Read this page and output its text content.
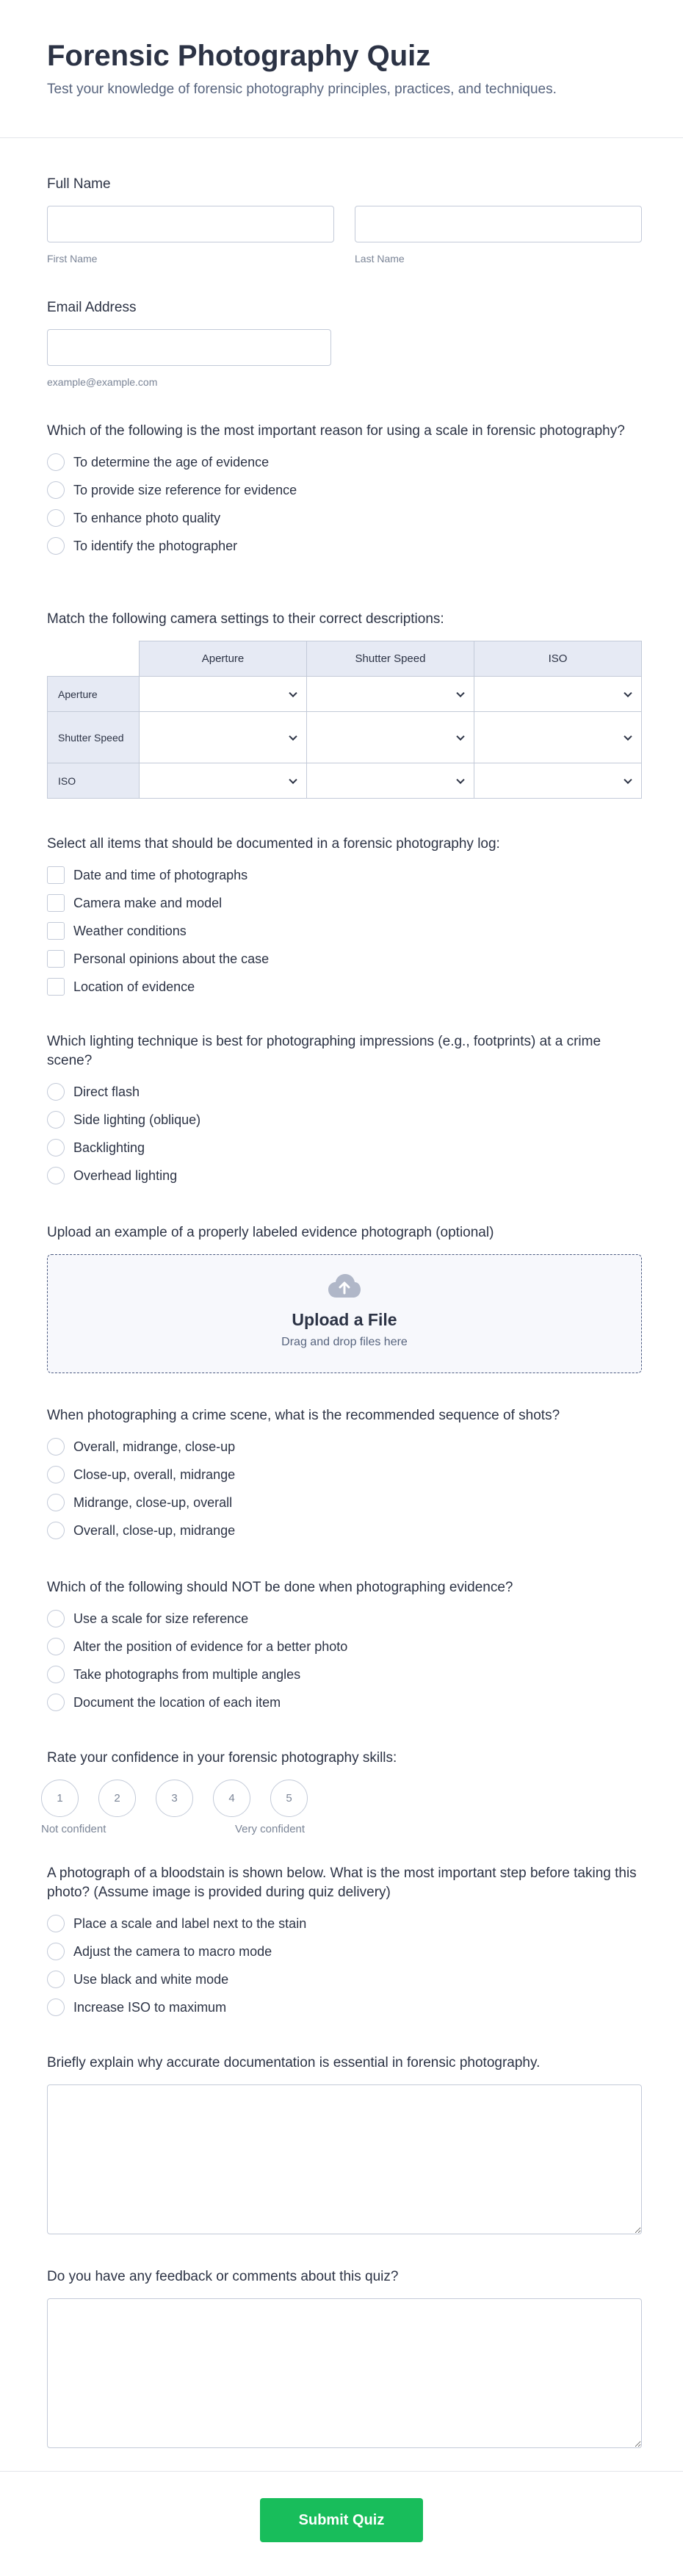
Forensic Photography Quiz

Test your knowledge of forensic photography principles, practices, and techniques.

Full Name
First Name	Last Name
Email Address
example@example.com
Which of the following is the most important reason for using a scale in forensic photography?
To determine the age of evidence
To provide size reference for evidence
To enhance photo quality
To identify the photographer
Match the following camera settings to their correct descriptions:
	Aperture	Shutter Speed	ISO
Aperture	

Shutter Speed	

ISO	

Select all items that should be documented in a forensic photography log:
Date and time of photographs
Camera make and model
Weather conditions
Personal opinions about the case
Location of evidence
Which lighting technique is best for photographing impressions (e.g., footprints) at a crime scene?
Direct flash
Side lighting (oblique)
Backlighting
Overhead lighting
Upload an example of a properly labeled evidence photograph (optional)
Upload a File
Drag and drop files here
When photographing a crime scene, what is the recommended sequence of shots?
Overall, midrange, close-up
Close-up, overall, midrange
Midrange, close-up, overall
Overall, close-up, midrange
Which of the following should NOT be done when photographing evidence?
Use a scale for size reference
Alter the position of evidence for a better photo
Take photographs from multiple angles
Document the location of each item
Rate your confidence in your forensic photography skills:
1	2	3	4	5
Not confident	Very confident
A photograph of a bloodstain is shown below. What is the most important step before taking this photo? (Assume image is provided during quiz delivery)
Place a scale and label next to the stain
Adjust the camera to macro mode
Use black and white mode
Increase ISO to maximum
Briefly explain why accurate documentation is essential in forensic photography.
Do you have any feedback or comments about this quiz?
Submit Quiz
